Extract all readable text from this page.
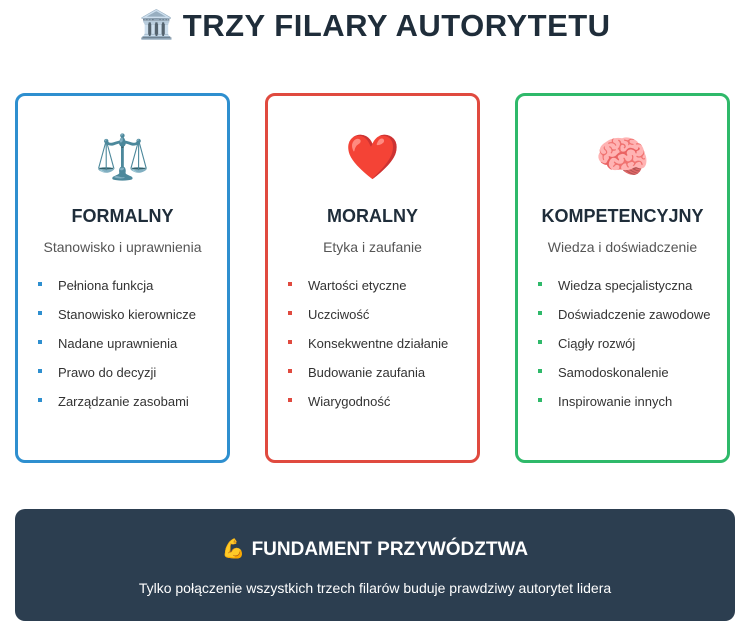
🏛️ TRZY FILARY AUTORYTETU
⚖️
FORMALNY
Stanowisko i uprawnienia
Pełniona funkcja
Stanowisko kierownicze
Nadane uprawnienia
Prawo do decyzji
Zarządzanie zasobami
❤️
MORALNY
Etyka i zaufanie
Wartości etyczne
Uczciwość
Konsekwentne działanie
Budowanie zaufania
Wiarygodność
🧠
KOMPETENCYJNY
Wiedza i doświadczenie
Wiedza specjalistyczna
Doświadczenie zawodowe
Ciągły rozwój
Samodoskonalenie
Inspirowanie innych
💪 FUNDAMENT PRZYWÓDZTWA
Tylko połączenie wszystkich trzech filarów buduje prawdziwy autorytet lidera
